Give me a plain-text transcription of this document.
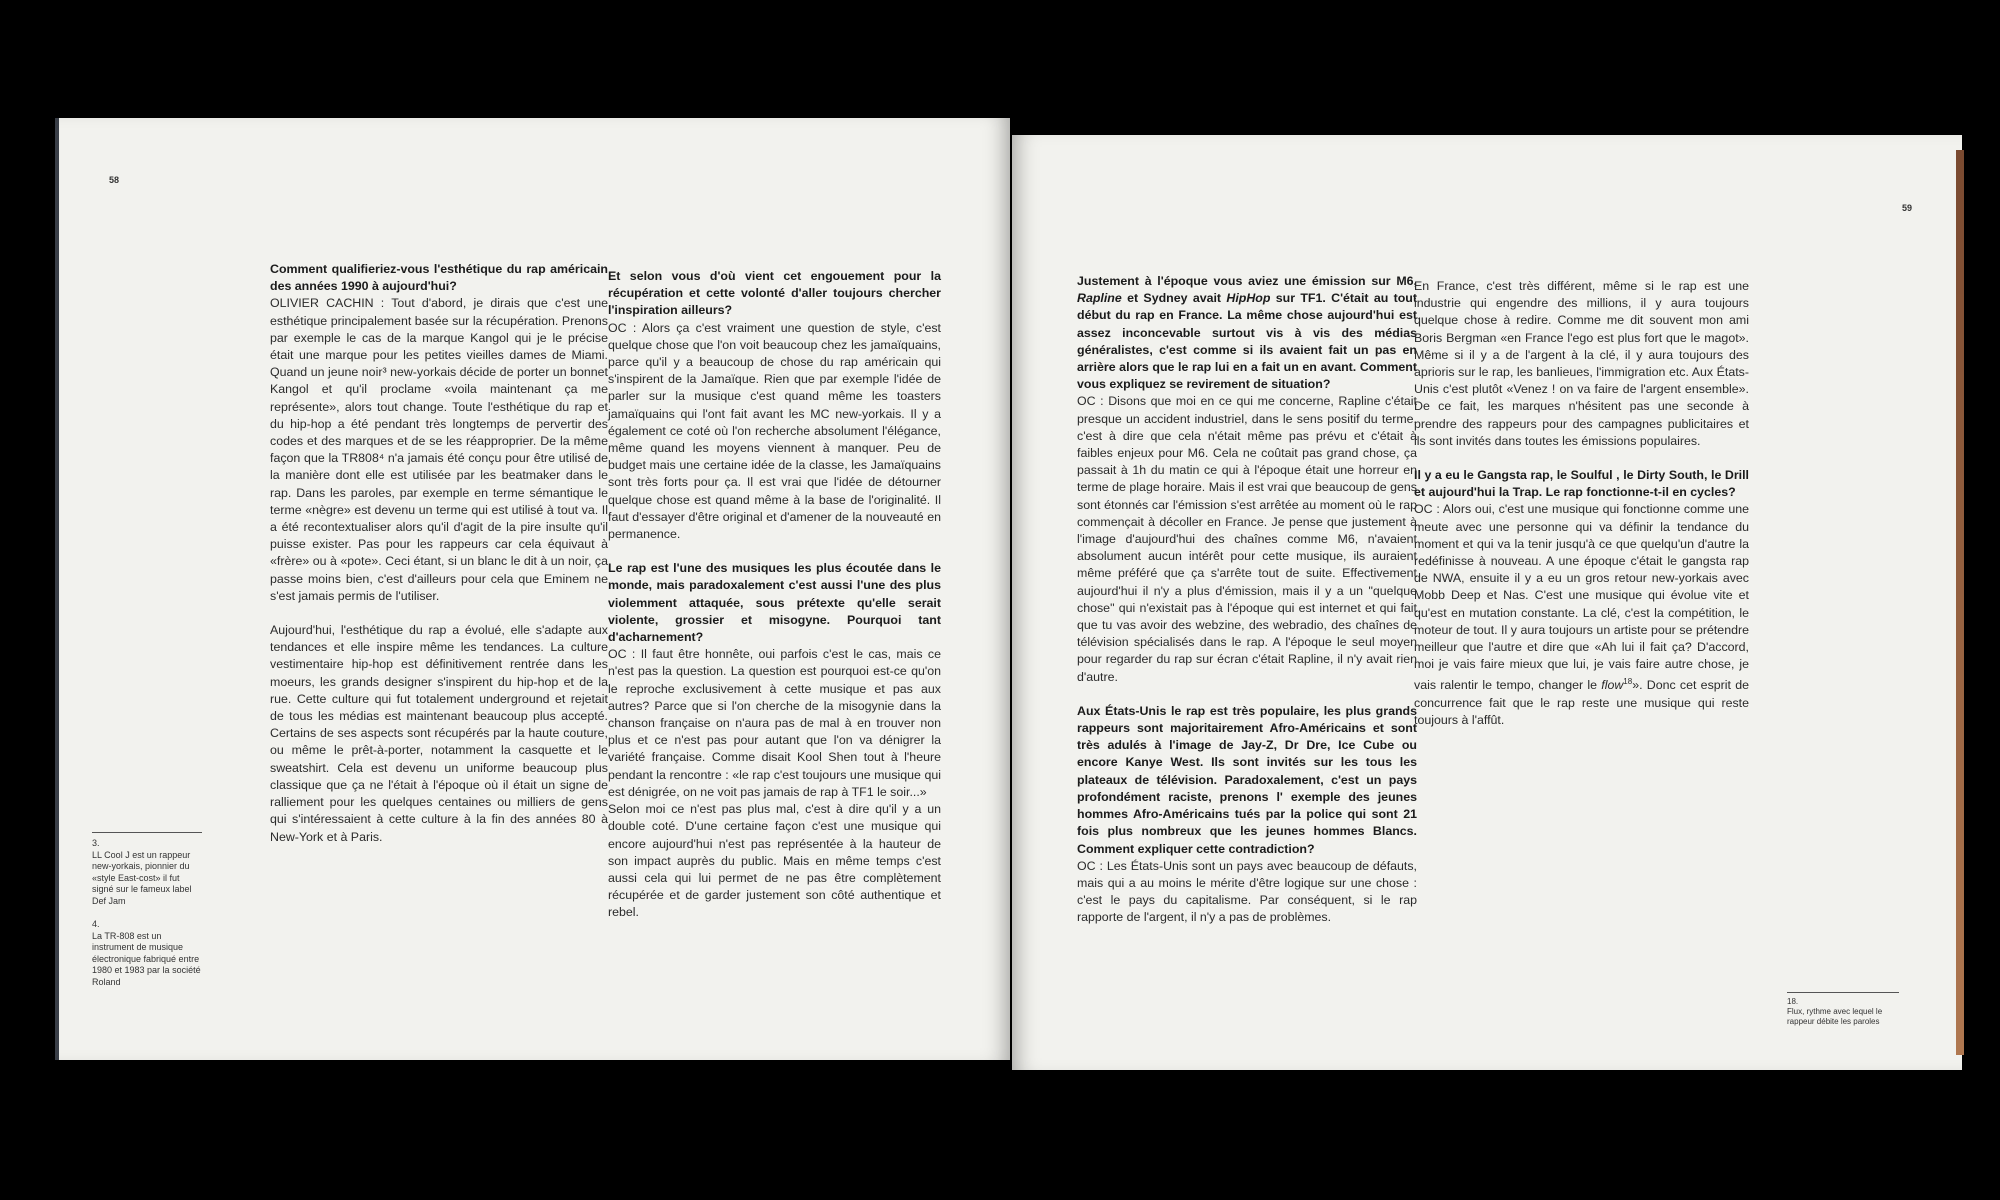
58

Comment qualifieriez-vous l'esthétique du rap américain des années 1990 à aujourd'hui?

OLIVIER CACHIN : Tout d'abord, je dirais que c'est une esthétique principalement basée sur la récupération. Prenons par exemple le cas de la marque Kangol qui je le précise était une marque pour les petites vieilles dames de Miami. Quand un jeune noir³ new-yorkais décide de porter un bonnet Kangol et qu'il proclame «voila maintenant ça me représente», alors tout change. Toute l'esthétique du rap et du hip-hop a été pendant très longtemps de pervertir des codes et des marques et de se les réapproprier. De la même façon que la TR808⁴ n'a jamais été conçu pour être utilisé de la manière dont elle est utilisée par les beatmaker dans le rap. Dans les paroles, par exemple en terme sémantique le terme «nègre» est devenu un terme qui est utilisé à tout va. Il a été recontextualiser alors qu'il d'agit de la pire insulte qu'il puisse exister. Pas pour les rappeurs car cela équivaut à «frère» ou à «pote». Ceci étant, si un blanc le dit à un noir, ça passe moins bien, c'est d'ailleurs pour cela que Eminem ne s'est jamais permis de l'utiliser.

Aujourd'hui, l'esthétique du rap a évolué, elle s'adapte aux tendances et elle inspire même les tendances. La culture vestimentaire hip-hop est définitivement rentrée dans les moeurs, les grands designer s'inspirent du hip-hop et de la rue. Cette culture qui fut totalement underground et rejetait de tous les médias est maintenant beaucoup plus accepté. Certains de ses aspects sont récupérés par la haute couture, ou même le prêt-à-porter, notamment la casquette et le sweatshirt. Cela est devenu un uniforme beaucoup plus classique que ça ne l'était à l'époque où il était un signe de ralliement pour les quelques centaines ou milliers de gens qui s'intéressaient à cette culture à la fin des années 80 à New-York et à Paris.

Et selon vous d'où vient cet engouement pour la récupération et cette volonté d'aller toujours chercher l'inspiration ailleurs?

OC : Alors ça c'est vraiment une question de style, c'est quelque chose que l'on voit beaucoup chez les jamaïquains, parce qu'il y a beaucoup de chose du rap américain qui s'inspirent de la Jamaïque. Rien que par exemple l'idée de parler sur la musique c'est quand même les toasters jamaïquains qui l'ont fait avant les MC new-yorkais. Il y a également ce coté où l'on recherche absolument l'élégance, même quand les moyens viennent à manquer. Peu de budget mais une certaine idée de la classe, les Jamaïquains sont très forts pour ça. Il est vrai que l'idée de détourner quelque chose est quand même à la base de l'originalité. Il faut d'essayer d'être original et d'amener de la nouveauté en permanence.

Le rap est l'une des musiques les plus écoutée dans le monde, mais paradoxalement c'est aussi l'une des plus violemment attaquée, sous prétexte qu'elle serait violente, grossier et misogyne. Pourquoi tant d'acharnement?

OC : Il faut être honnête, oui parfois c'est le cas, mais ce n'est pas la question. La question est pourquoi est-ce qu'on le reproche exclusivement à cette musique et pas aux autres? Parce que si l'on cherche de la misogynie dans la chanson française on n'aura pas de mal à en trouver non plus et ce n'est pas pour autant que l'on va dénigrer la variété française. Comme disait Kool Shen tout à l'heure pendant la rencontre : «le rap c'est toujours une musique qui est dénigrée, on ne voit pas jamais de rap à TF1 le soir...»

Selon moi ce n'est pas plus mal, c'est à dire qu'il y a un double coté. D'une certaine façon c'est une musique qui encore aujourd'hui n'est pas représentée à la hauteur de son impact auprès du public. Mais en même temps c'est aussi cela qui lui permet de ne pas être complètement récupérée et de garder justement son côté authentique et rebel.

3.
LL Cool J est un rappeur new-yorkais, pionnier du «style East-cost» il fut signé sur le fameux label Def Jam
4.
La TR-808 est un instrument de musique électronique fabriqué entre 1980 et 1983 par la société Roland
59

Justement à l'époque vous aviez une émission sur M6, Rapline et Sydney avait HipHop sur TF1. C'était au tout début du rap en France. La même chose aujourd'hui est assez inconcevable surtout vis à vis des médias généralistes, c'est comme si ils avaient fait un pas en arrière alors que le rap lui en a fait un en avant. Comment vous expliquez se revirement de situation?

OC : Disons que moi en ce qui me concerne, Rapline c'était presque un accident industriel, dans le sens positif du terme, c'est à dire que cela n'était même pas prévu et c'était à faibles enjeux pour M6. Cela ne coûtait pas grand chose, ça passait à 1h du matin ce qui à l'époque était une horreur en terme de plage horaire. Mais il est vrai que beaucoup de gens sont étonnés car l'émission s'est arrêtée au moment où le rap commençait à décoller en France. Je pense que justement à l'image d'aujourd'hui des chaînes comme M6, n'avaient absolument aucun intérêt pour cette musique, ils auraient même préféré que ça s'arrête tout de suite. Effectivement aujourd'hui il n'y a plus d'émission, mais il y a un "quelque chose" qui n'existait pas à l'époque qui est internet et qui fait que tu vas avoir des webzine, des webradio, des chaînes de télévision spécialisés dans le rap. A l'époque le seul moyen pour regarder du rap sur écran c'était Rapline, il n'y avait rien d'autre.

Aux États-Unis le rap est très populaire, les plus grands rappeurs sont majoritairement Afro-Américains et sont très adulés à l'image de Jay-Z, Dr Dre, Ice Cube ou encore Kanye West. Ils sont invités sur les tous les plateaux de télévision. Paradoxalement, c'est un pays profondément raciste, prenons l' exemple des jeunes hommes Afro-Américains tués par la police qui sont 21 fois plus nombreux que les jeunes hommes Blancs. Comment expliquer cette contradiction?

OC : Les États-Unis sont un pays avec beaucoup de défauts, mais qui a au moins le mérite d'être logique sur une chose : c'est le pays du capitalisme. Par conséquent, si le rap rapporte de l'argent, il n'y a pas de problèmes.

En France, c'est très différent, même si le rap est une industrie qui engendre des millions, il y aura toujours quelque chose à redire. Comme me dit souvent mon ami Boris Bergman «en France l'ego est plus fort que le magot». Même si il y a de l'argent à la clé, il y aura toujours des aprioris sur le rap, les banlieues, l'immigration etc. Aux États-Unis c'est plutôt «Venez ! on va faire de l'argent ensemble». De ce fait, les marques n'hésitent pas une seconde à prendre des rappeurs pour des campagnes publicitaires et ils sont invités dans toutes les émissions populaires.

Il y a eu le Gangsta rap, le Soulful , le Dirty South, le Drill et aujourd'hui la Trap. Le rap fonctionne-t-il en cycles?

OC : Alors oui, c'est une musique qui fonctionne comme une meute avec une personne qui va définir la tendance du moment et qui va la tenir jusqu'à ce que quelqu'un d'autre la redéfinisse à nouveau. A une époque c'était le gangsta rap de NWA, ensuite il y a eu un gros retour new-yorkais avec Mobb Deep et Nas. C'est une musique qui évolue vite et qu'est en mutation constante. La clé, c'est la compétition, le moteur de tout. Il y aura toujours un artiste pour se prétendre meilleur que l'autre et dire que «Ah lui il fait ça? D'accord, moi je vais faire mieux que lui, je vais faire autre chose, je vais ralentir le tempo, changer le flow$^{18}$». Donc cet esprit de concurrence fait que le rap reste une musique qui reste toujours à l'affût.

18.
Flux, rythme avec lequel le rappeur débite les paroles
